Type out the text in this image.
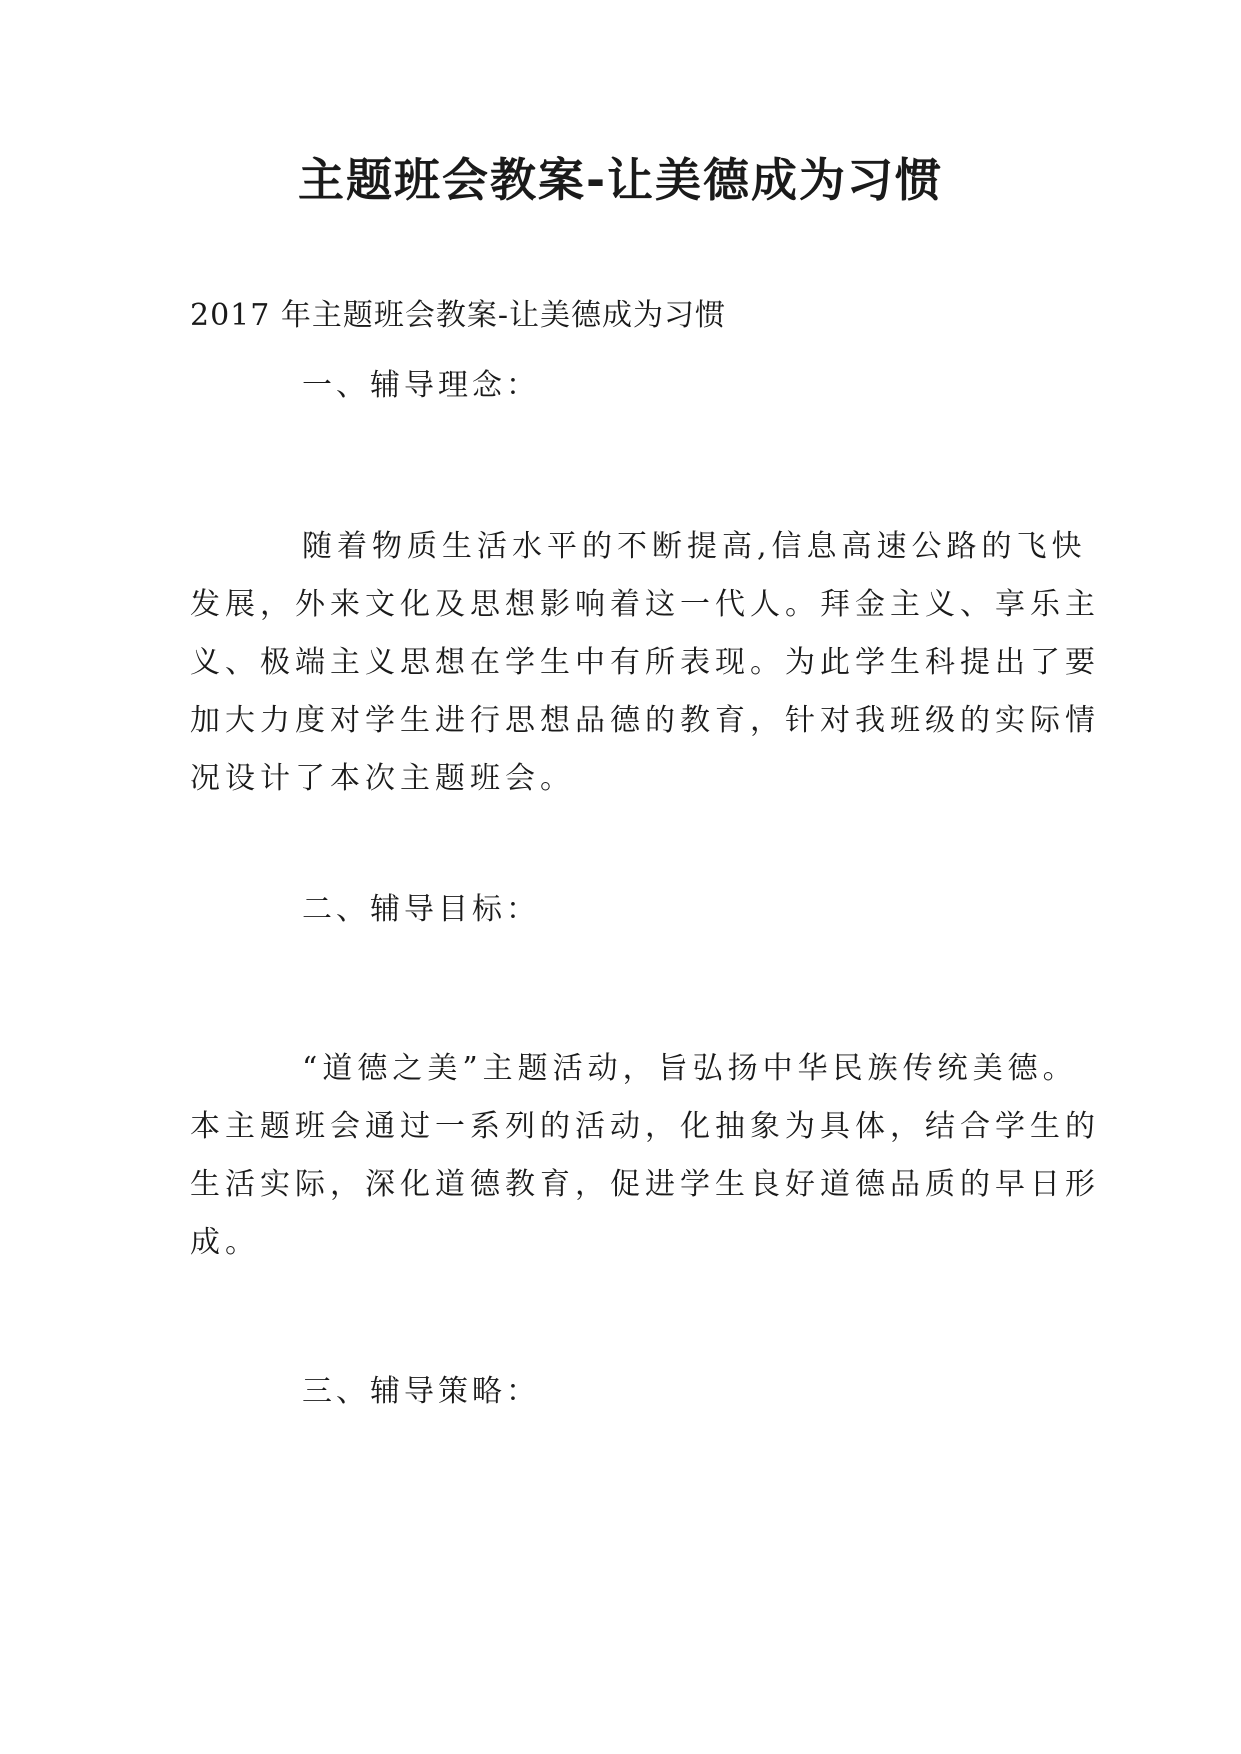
主题班会教案-让美德成为习惯
2017 年主题班会教案-让美德成为习惯
一、辅导理念：
随着物质生活水平的不断提高,信息高速公路的飞快
发展，外来文化及思想影响着这一代人。拜金主义、享乐主
义、极端主义思想在学生中有所表现。为此学生科提出了要
加大力度对学生进行思想品德的教育，针对我班级的实际情
况设计了本次主题班会。
二、辅导目标：
“道德之美”主题活动，旨弘扬中华民族传统美德。
本主题班会通过一系列的活动，化抽象为具体，结合学生的
生活实际，深化道德教育，促进学生良好道德品质的早日形
成。
三、辅导策略：
